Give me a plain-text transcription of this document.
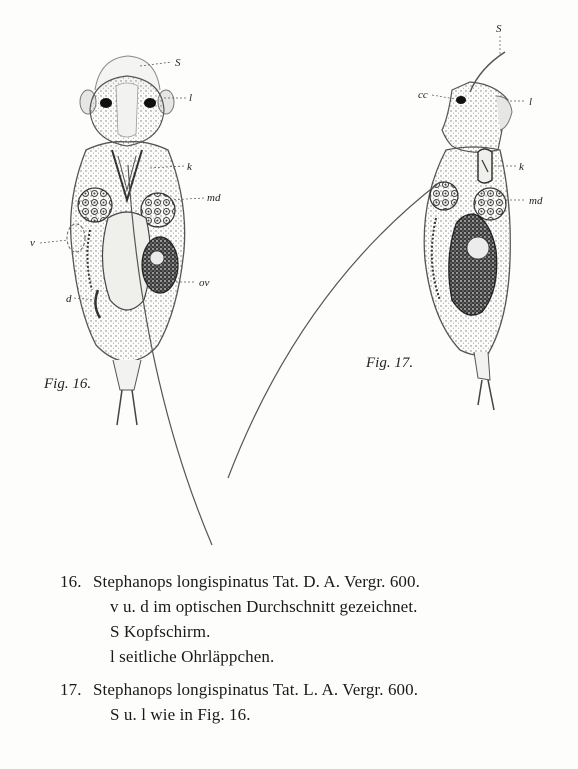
Fig. 16.
S
l
k
md
v
ov
d
Fig. 17.
S
cc
l
k
md
16. Stephanops longispinatus Tat. D. A. Vergr. 600.
v u. d im optischen Durchschnitt gezeichnet.
S Kopfschirm.
l seitliche Ohrläppchen.
17. Stephanops longispinatus Tat. L. A. Vergr. 600.
S u. l wie in Fig. 16.
